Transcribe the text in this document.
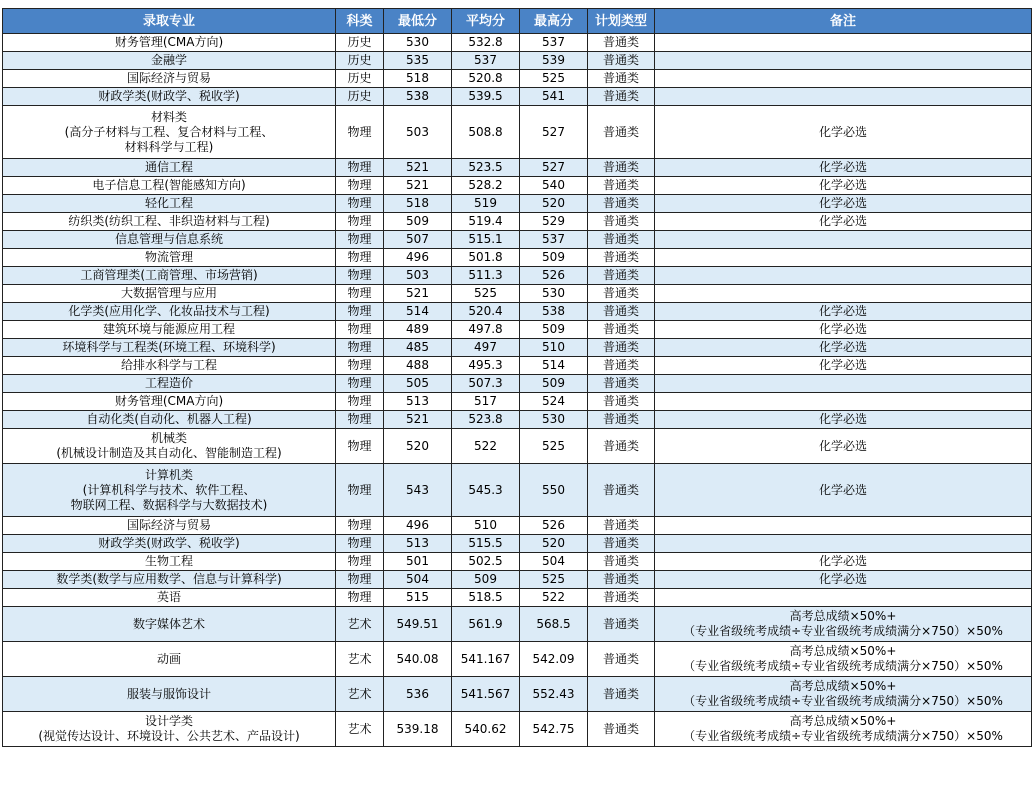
录取专业	科类	最低分	平均分	最高分	计划类型	备注

财务管理(CMA方向)	历史	530	532.8	537	普通类	

金融学	历史	535	537	539	普通类	

国际经济与贸易	历史	518	520.8	525	普通类	

财政学类(财政学、税收学)	历史	538	539.5	541	普通类	

材料类
(高分子材料与工程、复合材料与工程、
材料科学与工程)	物理	503	508.8	527	普通类	化学必选

通信工程	物理	521	523.5	527	普通类	化学必选

电子信息工程(智能感知方向)	物理	521	528.2	540	普通类	化学必选

轻化工程	物理	518	519	520	普通类	化学必选

纺织类(纺织工程、非织造材料与工程)	物理	509	519.4	529	普通类	化学必选

信息管理与信息系统	物理	507	515.1	537	普通类	

物流管理	物理	496	501.8	509	普通类	

工商管理类(工商管理、市场营销)	物理	503	511.3	526	普通类	

大数据管理与应用	物理	521	525	530	普通类	

化学类(应用化学、化妆品技术与工程)	物理	514	520.4	538	普通类	化学必选

建筑环境与能源应用工程	物理	489	497.8	509	普通类	化学必选

环境科学与工程类(环境工程、环境科学)	物理	485	497	510	普通类	化学必选

给排水科学与工程	物理	488	495.3	514	普通类	化学必选

工程造价	物理	505	507.3	509	普通类	

财务管理(CMA方向)	物理	513	517	524	普通类	

自动化类(自动化、机器人工程)	物理	521	523.8	530	普通类	化学必选

机械类
(机械设计制造及其自动化、智能制造工程)	物理	520	522	525	普通类	化学必选

计算机类
(计算机科学与技术、软件工程、
物联网工程、数据科学与大数据技术)	物理	543	545.3	550	普通类	化学必选

国际经济与贸易	物理	496	510	526	普通类	

财政学类(财政学、税收学)	物理	513	515.5	520	普通类	

生物工程	物理	501	502.5	504	普通类	化学必选

数学类(数学与应用数学、信息与计算科学)	物理	504	509	525	普通类	化学必选

英语	物理	515	518.5	522	普通类	

数字媒体艺术	艺术	549.51	561.9	568.5	普通类	高考总成绩×50%+
（专业省级统考成绩÷专业省级统考成绩满分×750）×50%

动画	艺术	540.08	541.167	542.09	普通类	高考总成绩×50%+
（专业省级统考成绩÷专业省级统考成绩满分×750）×50%

服装与服饰设计	艺术	536	541.567	552.43	普通类	高考总成绩×50%+
（专业省级统考成绩÷专业省级统考成绩满分×750）×50%

设计学类
(视觉传达设计、环境设计、公共艺术、产品设计)	艺术	539.18	540.62	542.75	普通类	高考总成绩×50%+
（专业省级统考成绩÷专业省级统考成绩满分×750）×50%
